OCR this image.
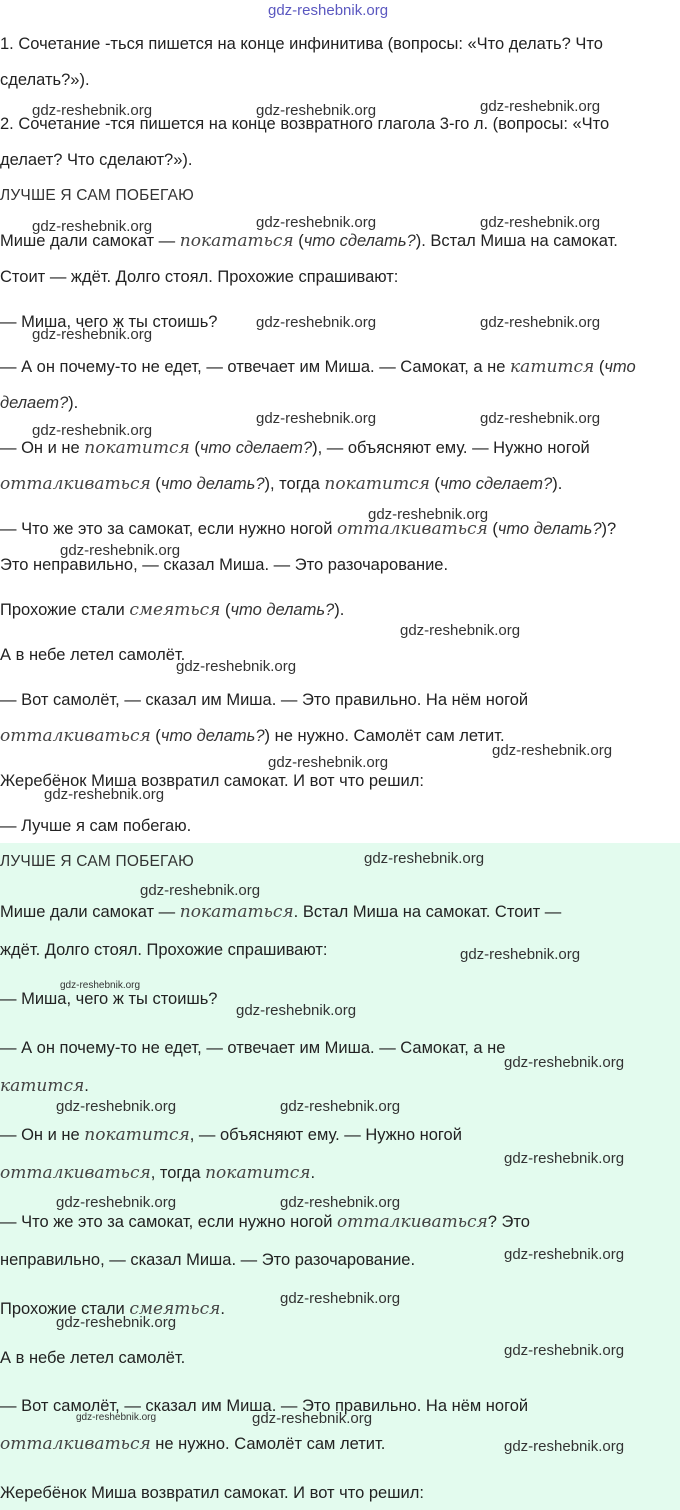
1. Сочетание -ться пишется на конце инфинитива (вопросы: «Что делать? Что
сделать?»).
2. Сочетание -тся пишется на конце возвратного глагола 3-го л. (вопросы: «Что
делает? Что сделают?»).
ЛУЧШЕ Я САМ ПОБЕГАЮ
Мише дали самокат — покататься (что сделать?). Встал Миша на самокат.
Стоит — ждёт. Долго стоял. Прохожие спрашивают:
— Миша, чего ж ты стоишь?
— А он почему-то не едет, — отвечает им Миша. — Самокат, а не катится (что
делает?).
— Он и не покатится (что сделает?), — объясняют ему. — Нужно ногой
отталкиваться (что делать?), тогда покатится (что сделает?).
— Что же это за самокат, если нужно ногой отталкиваться (что делать?)?
Это неправильно, — сказал Миша. — Это разочарование.
Прохожие стали смеяться (что делать?).
А в небе летел самолёт.
— Вот самолёт, — сказал им Миша. — Это правильно. На нём ногой
отталкиваться (что делать?) не нужно. Самолёт сам летит.
Жеребёнок Миша возвратил самокат. И вот что решил:
— Лучше я сам побегаю.
ЛУЧШЕ Я САМ ПОБЕГАЮ
Мише дали самокат — покататься. Встал Миша на самокат. Стоит —
ждёт. Долго стоял. Прохожие спрашивают:
— Миша, чего ж ты стоишь?
— А он почему-то не едет, — отвечает им Миша. — Самокат, а не
катится.
— Он и не покатится, — объясняют ему. — Нужно ногой
отталкиваться, тогда покатится.
— Что же это за самокат, если нужно ногой отталкиваться? Это
неправильно, — сказал Миша. — Это разочарование.
Прохожие стали смеяться.
А в небе летел самолёт.
— Вот самолёт, — сказал им Миша. — Это правильно. На нём ногой
отталкиваться не нужно. Самолёт сам летит.
Жеребёнок Миша возвратил самокат. И вот что решил:
gdz-reshebnik.org
gdz-reshebnik.org	gdz-reshebnik.org	gdz-reshebnik.org
gdz-reshebnik.org	gdz-reshebnik.org	gdz-reshebnik.org
gdz-reshebnik.org	gdz-reshebnik.org
gdz-reshebnik.org
gdz-reshebnik.org	gdz-reshebnik.org
gdz-reshebnik.org
gdz-reshebnik.org
gdz-reshebnik.org
gdz-reshebnik.org
gdz-reshebnik.org
gdz-reshebnik.org
gdz-reshebnik.org
gdz-reshebnik.org
gdz-reshebnik.org
gdz-reshebnik.org
gdz-reshebnik.org
gdz-reshebnik.org
gdz-reshebnik.org
gdz-reshebnik.org
gdz-reshebnik.org	gdz-reshebnik.org
gdz-reshebnik.org
gdz-reshebnik.org	gdz-reshebnik.org
gdz-reshebnik.org
gdz-reshebnik.org
gdz-reshebnik.org
gdz-reshebnik.org
gdz-reshebnik.org	gdz-reshebnik.org
gdz-reshebnik.org
